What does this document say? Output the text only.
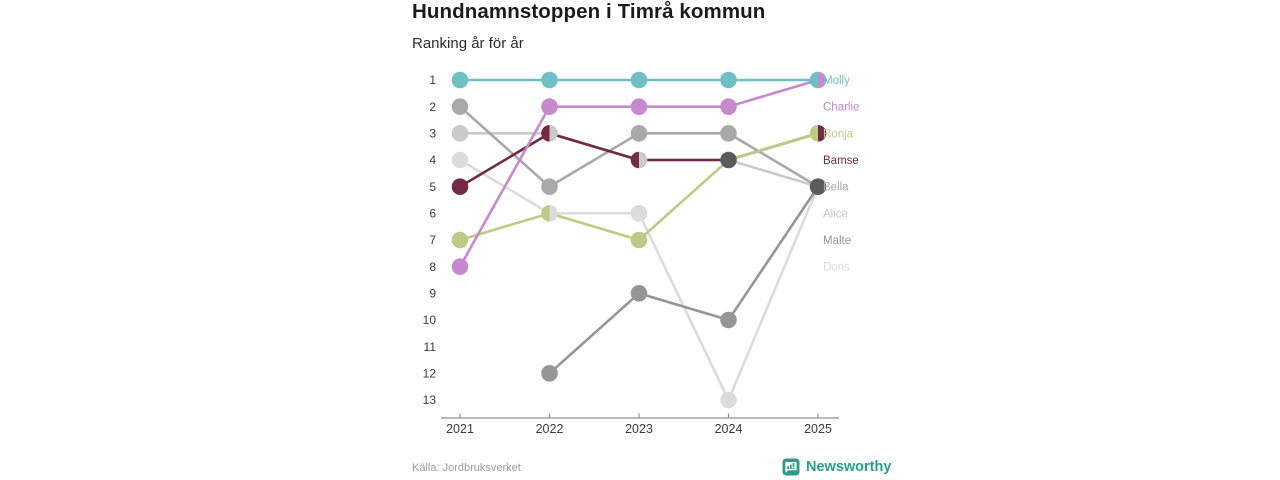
Hundnamnstoppen i Timrå kommun
Ranking år för år
1
2
3
4
5
6
7
8
9
10
11
12
13
2021	2022	2023	2024	2025
Molly
Charlie
Ronja
Bamse
Bella
Alice
Malte
Doris
Källa: Jordbruksverket	Newsworthy
